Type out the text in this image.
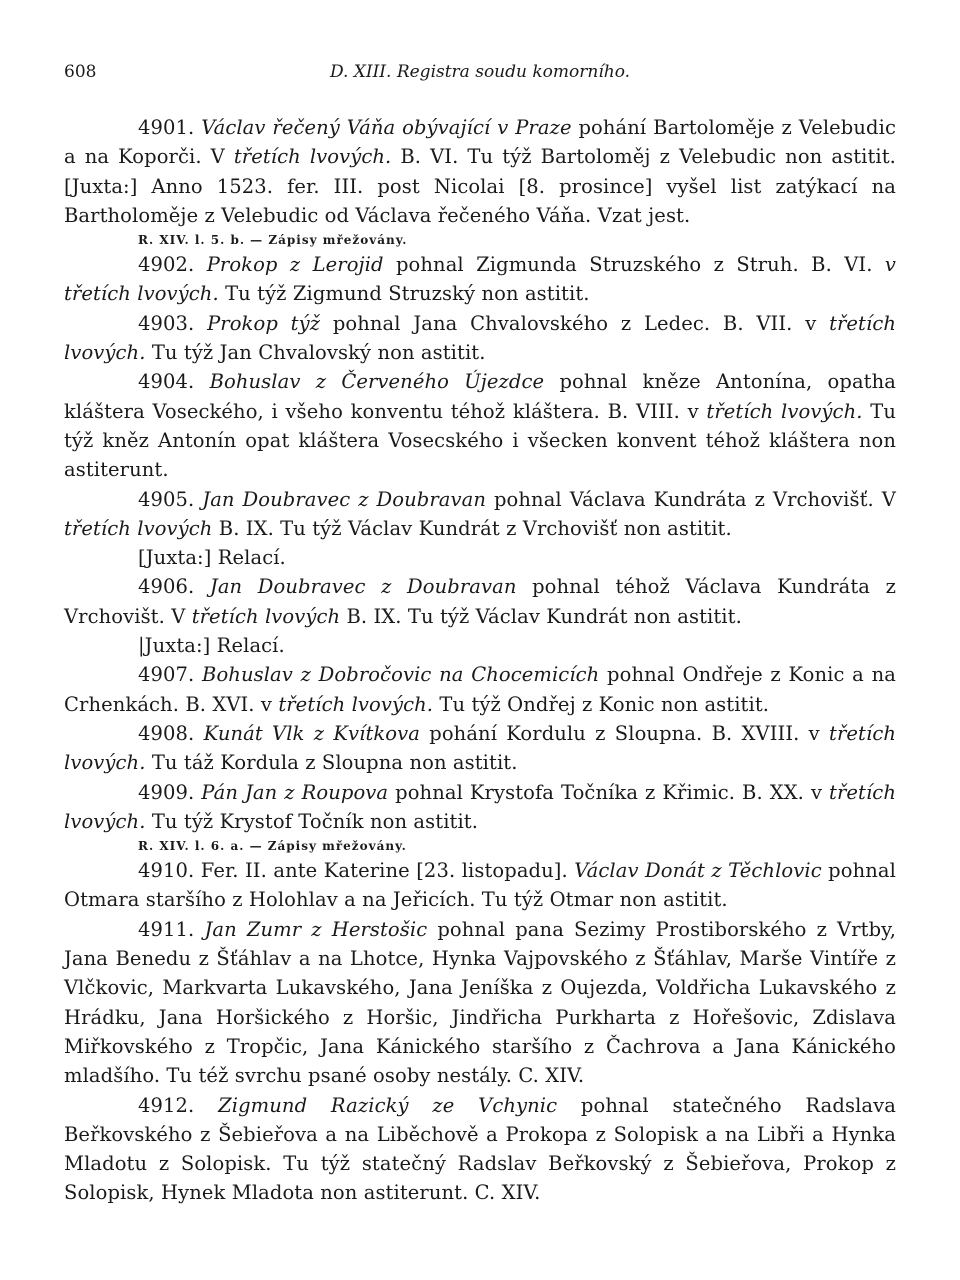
608	D. XIII. Registra soudu komorního.

4901. Václav řečený Váňa obývající v Praze pohání Bartoloměje z Velebudic a na Koporči. V třetích lvových. B. VI. Tu týž Bartoloměj z Velebudic non astitit. [Juxta:] Anno 1523. fer. III. post Nicolai [8. prosince] vyšel list zatýkací na Bartholoměje z Velebudic od Václava řečeného Váňa. Vzat jest.

R. XIV. l. 5. b. — Zápisy mřežovány.

4902. Prokop z Lerojid pohnal Zigmunda Struzského z Struh. B. VI. v třetích lvových. Tu týž Zigmund Struzský non astitit.

4903. Prokop týž pohnal Jana Chvalovského z Ledec. B. VII. v třetích lvových. Tu týž Jan Chvalovský non astitit.

4904. Bohuslav z Červeného Újezdce pohnal kněze Antonína, opatha kláštera Voseckého, i všeho konventu téhož kláštera. B. VIII. v třetích lvových. Tu týž kněz Antonín opat kláštera Vosecského i všecken konvent téhož kláštera non astiterunt.

4905. Jan Doubravec z Doubravan pohnal Václava Kundráta z Vrchovišť. V třetích lvových B. IX. Tu týž Václav Kundrát z Vrchovišť non astitit.

[Juxta:] Relací.

4906. Jan Doubravec z Doubravan pohnal téhož Václava Kundráta z Vrchovišt. V třetích lvových B. IX. Tu týž Václav Kundrát non astitit.

|Juxta:] Relací.

4907. Bohuslav z Dobročovic na Chocemicích pohnal Ondřeje z Konic a na Crhenkách. B. XVI. v třetích lvových. Tu týž Ondřej z Konic non astitit.

4908. Kunát Vlk z Kvítkova pohání Kordulu z Sloupna. B. XVIII. v třetích lvových. Tu táž Kordula z Sloupna non astitit.

4909. Pán Jan z Roupova pohnal Krystofa Točníka z Křimic. B. XX. v třetích lvových. Tu týž Krystof Točník non astitit.

R. XIV. l. 6. a. — Zápisy mřežovány.

4910. Fer. II. ante Katerine [23. listopadu]. Václav Donát z Těchlovic pohnal Otmara staršího z Holohlav a na Jeřicích. Tu týž Otmar non astitit.

4911. Jan Zumr z Herstošic pohnal pana Sezimy Prostiborského z Vrtby, Jana Benedu z Šťáhlav a na Lhotce, Hynka Vajpovského z Šťáhlav, Marše Vintíře z Vlčkovic, Markvarta Lukavského, Jana Jeníška z Oujezda, Voldřicha Lukavského z Hrádku, Jana Horšického z Horšic, Jindřicha Purkharta z Hořešovic, Zdislava Miřkovského z Tropčic, Jana Kánického staršího z Čachrova a Jana Kánického mladšího. Tu též svrchu psané osoby nestály. C. XIV.

4912. Zigmund Razický ze Vchynic pohnal statečného Radslava Beřkovského z Šebieřova a na Liběchově a Prokopa z Solopisk a na Libři a Hynka Mladotu z Solopisk. Tu týž statečný Radslav Beřkovský z Šebieřova, Prokop z Solopisk, Hynek Mladota non astiterunt. C. XIV.
